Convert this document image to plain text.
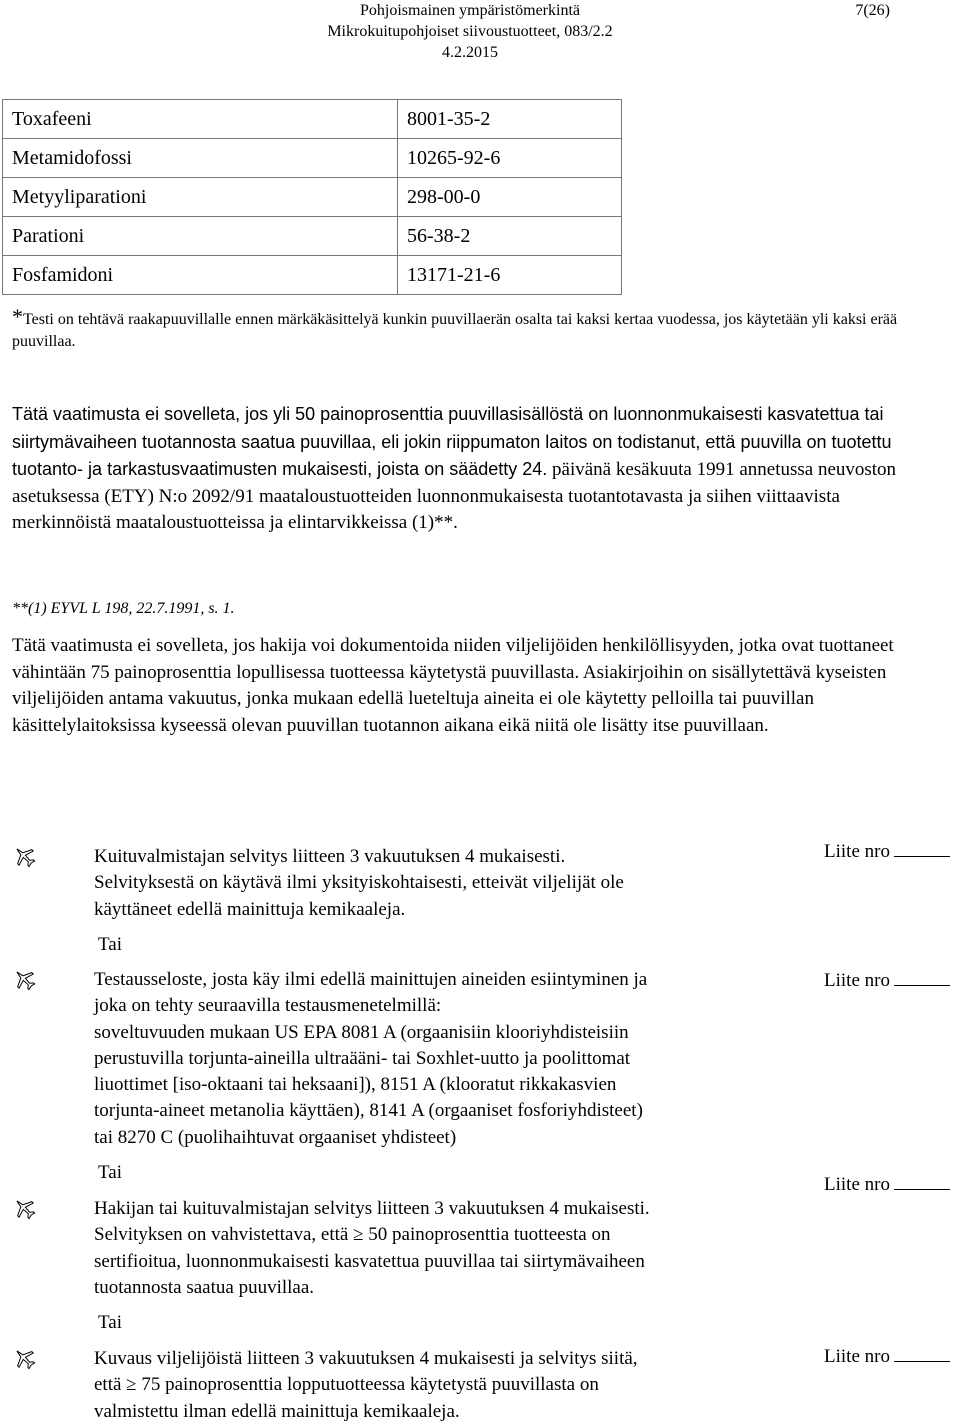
Pohjoismainen ympäristömerkintä
Mikrokuitupohjoiset siivoustuotteet, 083/2.2
4.2.2015
7(26)
Toxafeeni	8001-35-2
Metamidofossi	10265-92-6
Metyyliparationi	298-00-0
Parationi	56-38-2
Fosfamidoni	13171-21-6
*Testi on tehtävä raakapuuvillalle ennen märkäkäsittelyä kunkin puuvillaerän osalta tai kaksi kertaa vuodessa, jos käytetään yli kaksi erää puuvillaa.
Tätä vaatimusta ei sovelleta, jos yli 50 painoprosenttia puuvillasisällöstä on luonnonmukaisesti kasvatettua tai siirtymävaiheen tuotannosta saatua puuvillaa, eli jokin riippumaton laitos on todistanut, että puuvilla on tuotettu tuotanto- ja tarkastusvaatimusten mukaisesti, joista on säädetty 24. päivänä kesäkuuta 1991 annetussa neuvoston asetuksessa (ETY) N:o 2092/91 maataloustuotteiden luonnonmukaisesta tuotantotavasta ja siihen viittaavista merkinnöistä maataloustuotteissa ja elintarvikkeissa (1)**.
**(1) EYVL L 198, 22.7.1991, s. 1.
Tätä vaatimusta ei sovelleta, jos hakija voi dokumentoida niiden viljelijöiden henkilöllisyyden, jotka ovat tuottaneet vähintään 75 painoprosenttia lopullisessa tuotteessa käytetystä puuvillasta. Asiakirjoihin on sisällytettävä kyseisten viljelijöiden antama vakuutus, jonka mukaan edellä lueteltuja aineita ei ole käytetty pelloilla tai puuvillan käsittelylaitoksissa kyseessä olevan puuvillan tuotannon aikana eikä niitä ole lisätty itse puuvillaan.
Kuituvalmistajan selvitys liitteen 3 vakuutuksen 4 mukaisesti.
Selvityksestä on käytävä ilmi yksityiskohtaisesti, etteivät viljelijät ole
käyttäneet edellä mainittuja kemikaaleja.
Liite nro
Tai
Testausseloste, josta käy ilmi edellä mainittujen aineiden esiintyminen ja
joka on tehty seuraavilla testausmenetelmillä:
soveltuvuuden mukaan US EPA 8081 A (orgaanisiin klooriyhdisteisiin
perustuvilla torjunta-aineilla ultraääni- tai Soxhlet-uutto ja poolittomat
liuottimet [iso-oktaani tai heksaani]), 8151 A (klooratut rikkakasvien
torjunta-aineet metanolia käyttäen), 8141 A (orgaaniset fosforiyhdisteet)
tai 8270 C (puolihaihtuvat orgaaniset yhdisteet)
Liite nro
Tai
Hakijan tai kuituvalmistajan selvitys liitteen 3 vakuutuksen 4 mukaisesti.
Selvityksen on vahvistettava, että ≥ 50 painoprosenttia tuotteesta on
sertifioitua, luonnonmukaisesti kasvatettua puuvillaa tai siirtymävaiheen
tuotannosta saatua puuvillaa.
Liite nro
Tai
Kuvaus viljelijöistä liitteen 3 vakuutuksen 4 mukaisesti ja selvitys siitä,
että ≥ 75 painoprosenttia lopputuotteessa käytetystä puuvillasta on
valmistettu ilman edellä mainittuja kemikaaleja.
Liite nro
